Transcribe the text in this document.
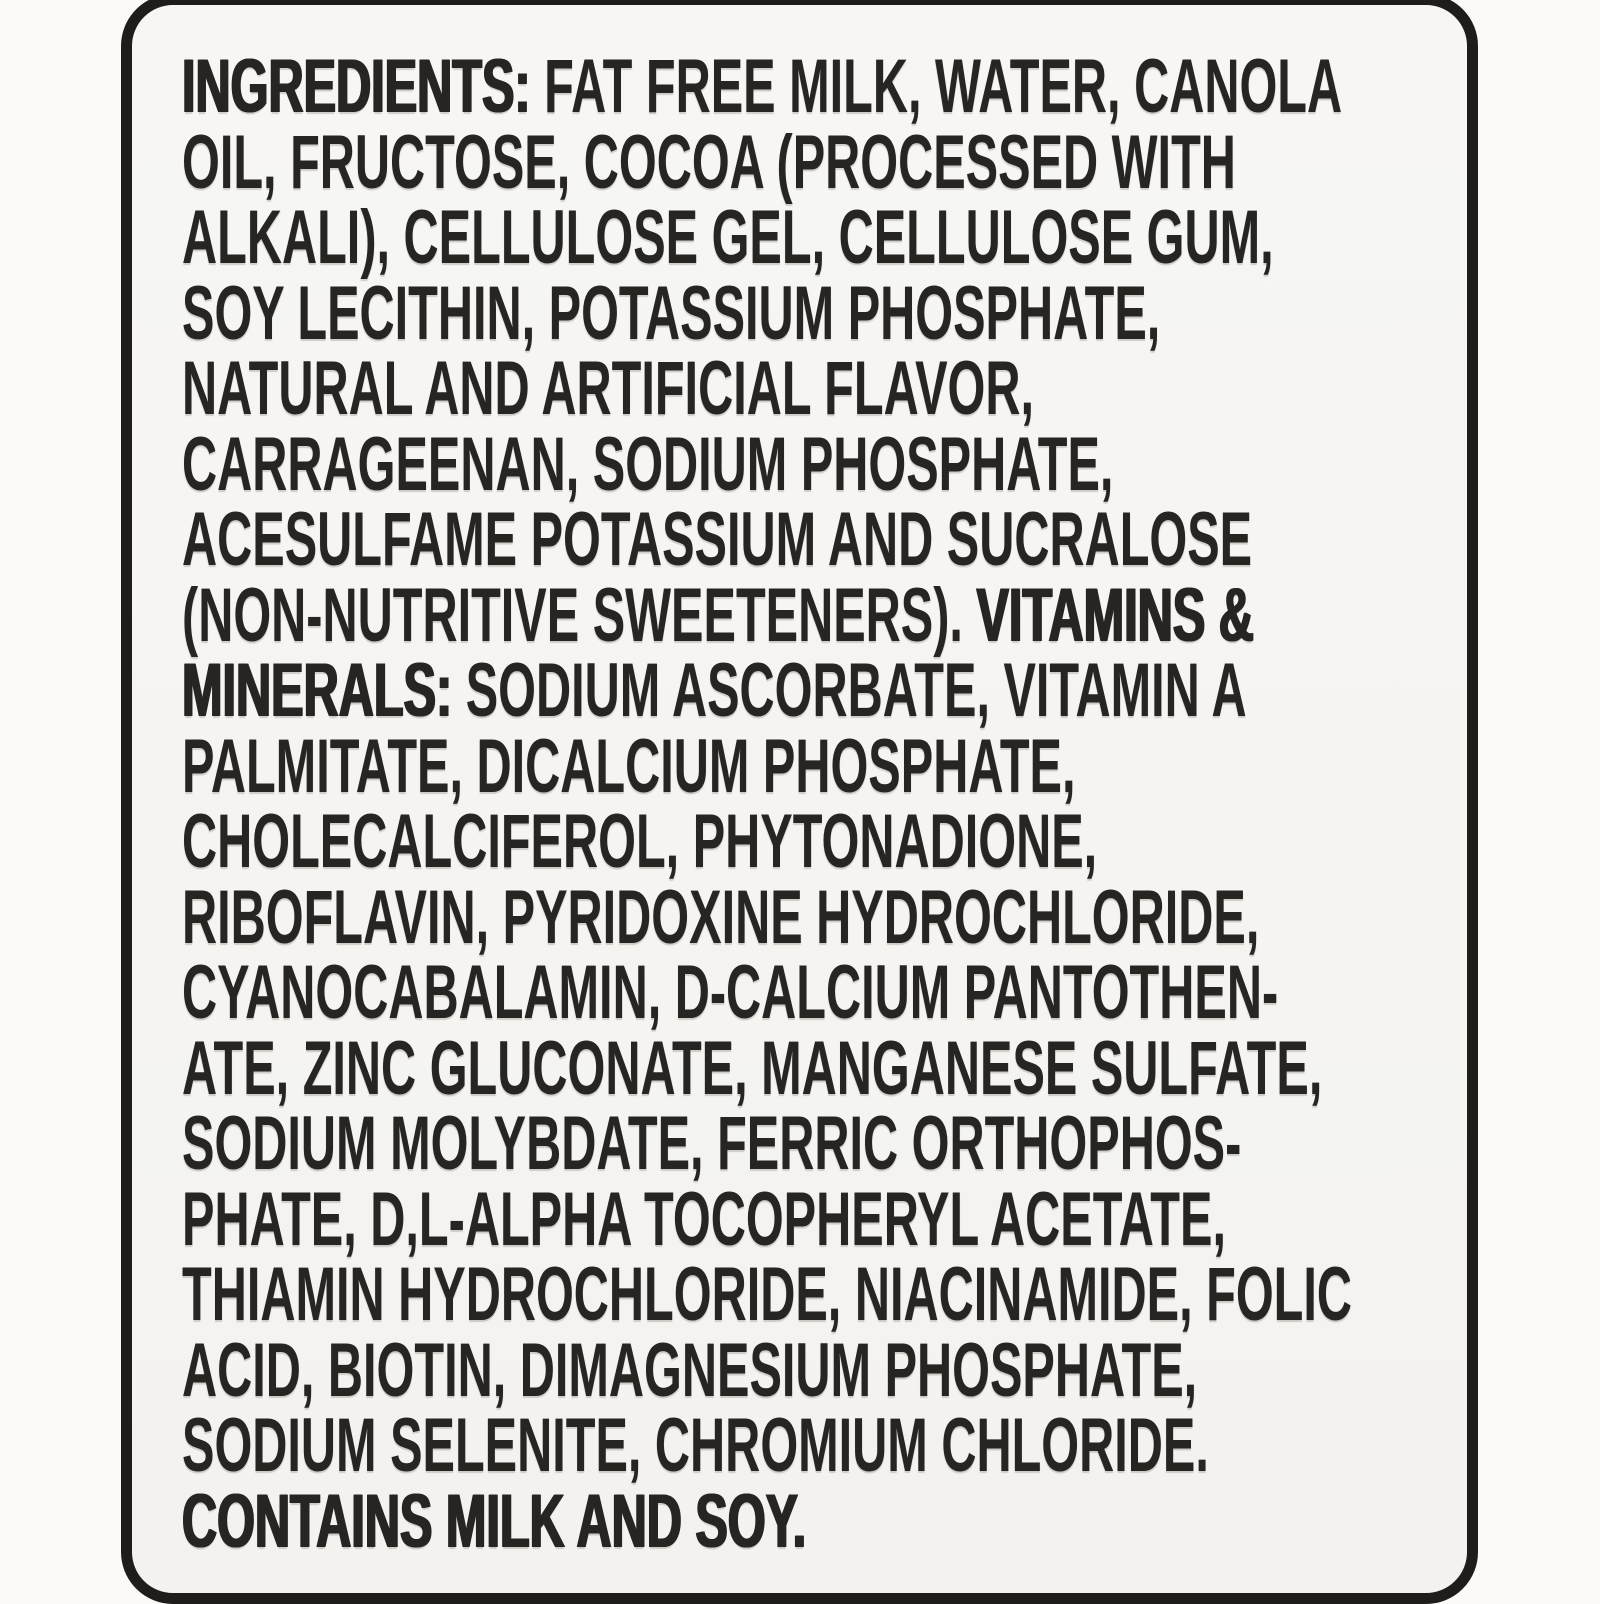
INGREDIENTS: FAT FREE MILK, WATER, CANOLA
OIL, FRUCTOSE, COCOA (PROCESSED WITH
ALKALI), CELLULOSE GEL, CELLULOSE GUM,
SOY LECITHIN, POTASSIUM PHOSPHATE,
NATURAL AND ARTIFICIAL FLAVOR,
CARRAGEENAN, SODIUM PHOSPHATE,
ACESULFAME POTASSIUM AND SUCRALOSE
(NON-NUTRITIVE SWEETENERS). VITAMINS &
MINERALS: SODIUM ASCORBATE, VITAMIN A
PALMITATE, DICALCIUM PHOSPHATE,
CHOLECALCIFEROL, PHYTONADIONE,
RIBOFLAVIN, PYRIDOXINE HYDROCHLORIDE,
CYANOCABALAMIN, D-CALCIUM PANTOTHEN-
ATE, ZINC GLUCONATE, MANGANESE SULFATE,
SODIUM MOLYBDATE, FERRIC ORTHOPHOS-
PHATE, D,L-ALPHA TOCOPHERYL ACETATE,
THIAMIN HYDROCHLORIDE, NIACINAMIDE, FOLIC
ACID, BIOTIN, DIMAGNESIUM PHOSPHATE,
SODIUM SELENITE, CHROMIUM CHLORIDE.
CONTAINS MILK AND SOY.
